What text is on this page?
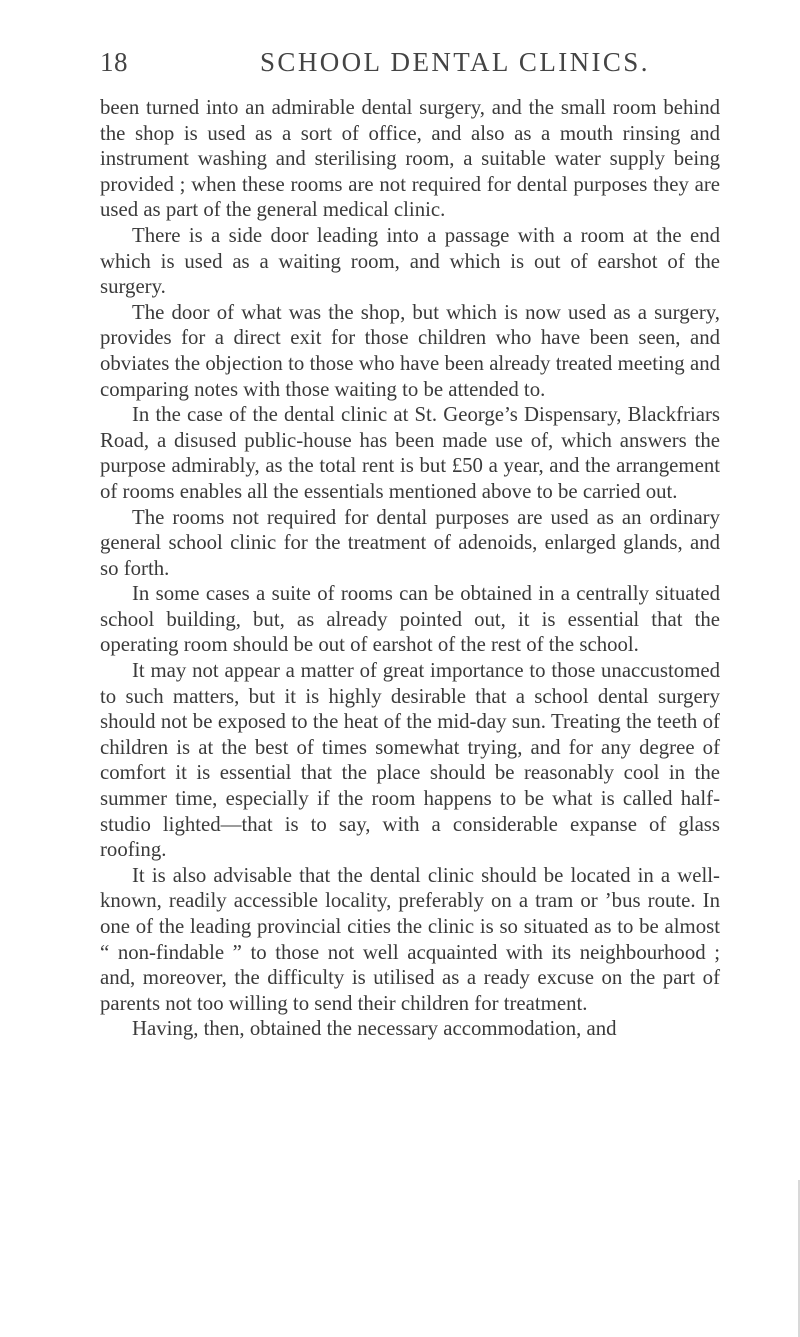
18	SCHOOL DENTAL CLINICS.

been turned into an admirable dental surgery, and the small room behind the shop is used as a sort of office, and also as a mouth rinsing and instrument washing and sterilising room, a suitable water supply being provided ; when these rooms are not required for dental purposes they are used as part of the general medical clinic.

There is a side door leading into a passage with a room at the end which is used as a waiting room, and which is out of earshot of the surgery.

The door of what was the shop, but which is now used as a surgery, provides for a direct exit for those children who have been seen, and obviates the objection to those who have been already treated meeting and comparing notes with those waiting to be attended to.

In the case of the dental clinic at St. George’s Dispensary, Blackfriars Road, a disused public-house has been made use of, which answers the purpose admirably, as the total rent is but £50 a year, and the arrangement of rooms enables all the essentials mentioned above to be carried out.

The rooms not required for dental purposes are used as an ordinary general school clinic for the treatment of adenoids, enlarged glands, and so forth.

In some cases a suite of rooms can be obtained in a centrally situated school building, but, as already pointed out, it is essential that the operating room should be out of earshot of the rest of the school.

It may not appear a matter of great importance to those unaccustomed to such matters, but it is highly desirable that a school dental surgery should not be exposed to the heat of the mid-day sun. Treating the teeth of children is at the best of times somewhat trying, and for any degree of comfort it is essential that the place should be reasonably cool in the summer time, especially if the room happens to be what is called half-studio lighted—that is to say, with a considerable expanse of glass roofing.

It is also advisable that the dental clinic should be located in a well-known, readily accessible locality, preferably on a tram or ’bus route. In one of the leading provincial cities the clinic is so situated as to be almost “ non-findable ” to those not well acquainted with its neighbourhood ; and, moreover, the difficulty is utilised as a ready excuse on the part of parents not too willing to send their children for treatment.

Having, then, obtained the necessary accommodation, and
